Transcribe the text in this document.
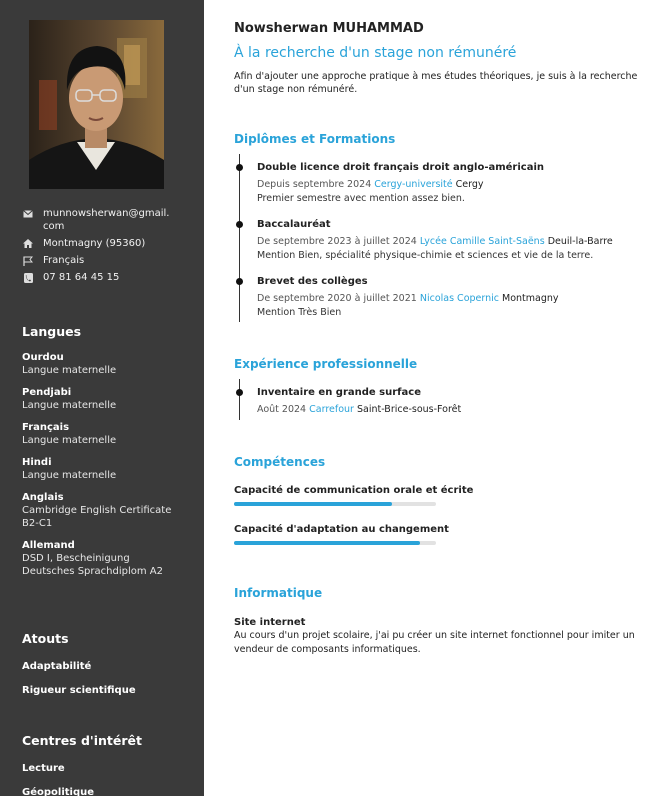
munnowsherwan@gmail.com
Montmagny (95360)
Français
07 81 64 45 15
Langues
Ourdou
Langue maternelle
Pendjabi
Langue maternelle
Français
Langue maternelle
Hindi
Langue maternelle
Anglais
Cambridge English Certificate
B2-C1
Allemand
DSD I, Bescheinigung
Deutsches Sprachdiplom A2
Atouts
Adaptabilité
Rigueur scientifique
Centres d'intérêt
Lecture
Géopolitique
Nowsherwan MUHAMMAD
À la recherche d'un stage non rémunéré
Afin d'ajouter une approche pratique à mes études théoriques, je suis à la recherche d'un stage non rémunéré.
Diplômes et Formations
Double licence droit français droit anglo-américain
Depuis septembre 2024 Cergy-université Cergy
Premier semestre avec mention assez bien.
Baccalauréat
De septembre 2023 à juillet 2024 Lycée Camille Saint-Saëns Deuil-la-Barre
Mention Bien, spécialité physique-chimie et sciences et vie de la terre.
Brevet des collèges
De septembre 2020 à juillet 2021 Nicolas Copernic Montmagny
Mention Très Bien
Expérience professionnelle
Inventaire en grande surface
Août 2024 Carrefour Saint-Brice-sous-Forêt
Compétences
Capacité de communication orale et écrite
Capacité d'adaptation au changement
Informatique
Site internet
Au cours d'un projet scolaire, j'ai pu créer un site internet fonctionnel pour imiter un vendeur de composants informatiques.
